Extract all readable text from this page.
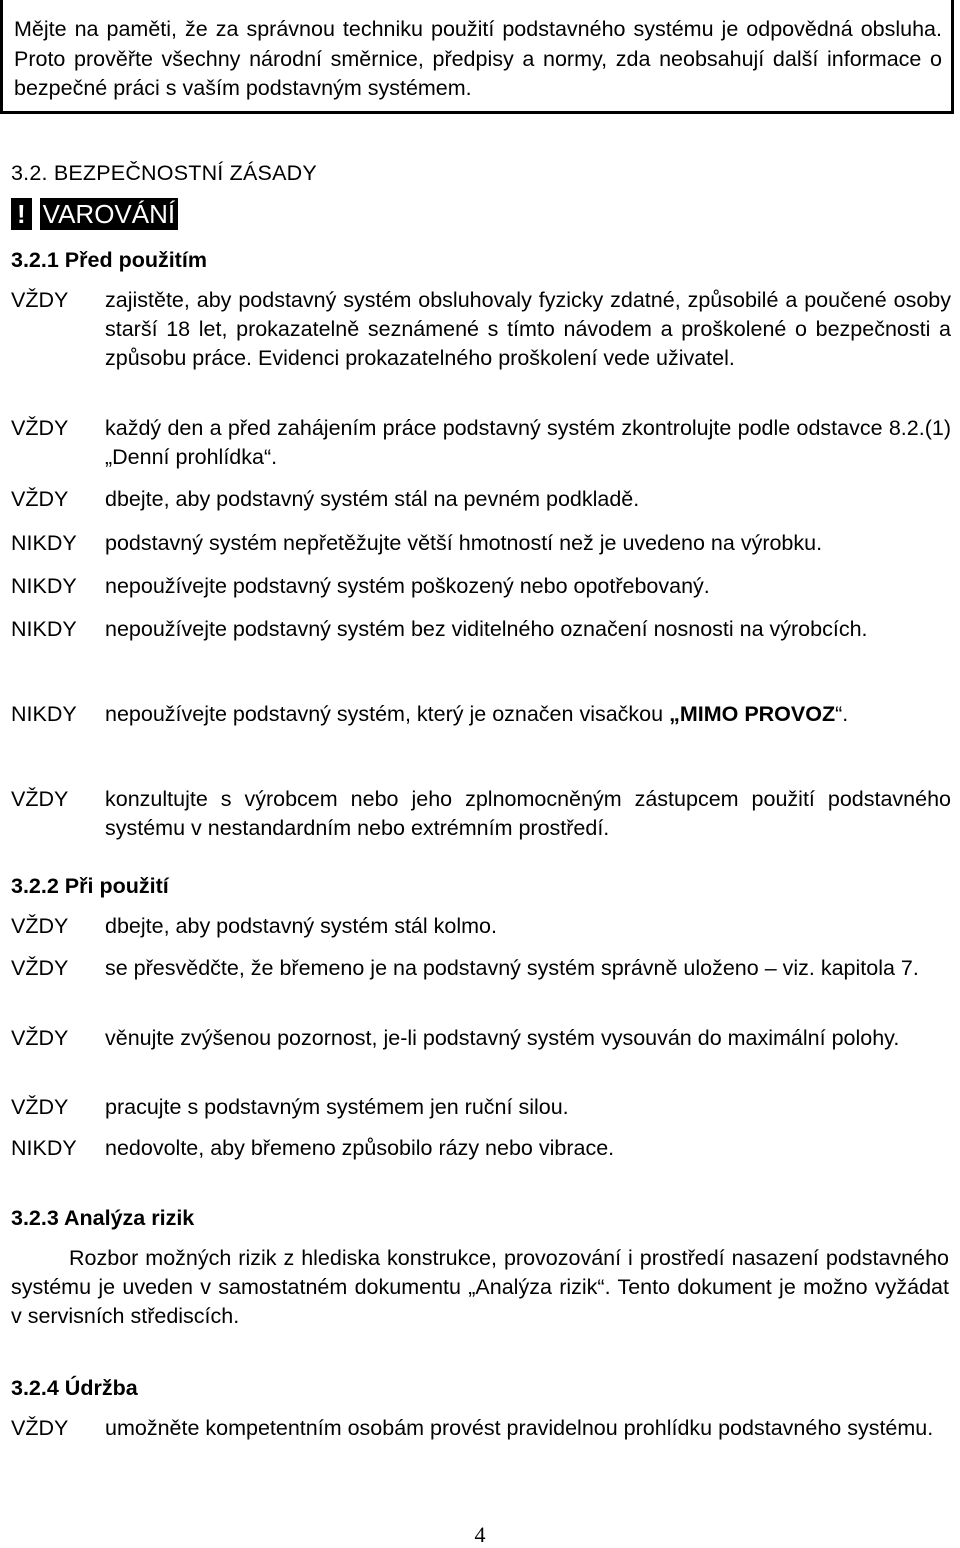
Mějte na paměti, že za správnou techniku použití podstavného systému je odpovědná obsluha. Proto prověřte všechny národní směrnice, předpisy a normy, zda neobsahují další informace o bezpečné práci s vaším podstavným systémem.
3.2. BEZPEČNOSTNÍ ZÁSADY
! VAROVÁNÍ
3.2.1 Před použitím
VŽDY zajistěte, aby podstavný systém obsluhovaly fyzicky zdatné, způsobilé a poučené osoby starší 18 let, prokazatelně seznámené s tímto návodem a proškolené o bezpečnosti a způsobu práce. Evidenci prokazatelného proškolení vede uživatel.
VŽDY každý den a před zahájením práce podstavný systém zkontrolujte podle odstavce 8.2.(1) „Denní prohlídka“.
VŽDY dbejte, aby podstavný systém stál na pevném podkladě.
NIKDY podstavný systém nepřetěžujte větší hmotností než je uvedeno na výrobku.
NIKDY nepoužívejte podstavný systém poškozený nebo opotřebovaný.
NIKDY nepoužívejte podstavný systém bez viditelného označení nosnosti na výrobcích.
NIKDY nepoužívejte podstavný systém, který je označen visačkou „MIMO PROVOZ“.
VŽDY konzultujte s výrobcem nebo jeho zplnomocněným zástupcem použití podstavného systému v nestandardním nebo extrémním prostředí.
3.2.2 Při použití
VŽDY dbejte, aby podstavný systém stál kolmo.
VŽDY se přesvědčte, že břemeno je na podstavný systém správně uloženo – viz. kapitola 7.
VŽDY věnujte zvýšenou pozornost, je-li podstavný systém vysouván do maximální polohy.
VŽDY pracujte s podstavným systémem jen ruční silou.
NIKDY nedovolte, aby břemeno způsobilo rázy nebo vibrace.
3.2.3 Analýza rizik
Rozbor možných rizik z hlediska konstrukce, provozování i prostředí nasazení podstavného systému je uveden v samostatném dokumentu „Analýza rizik“. Tento dokument je možno vyžádat v servisních střediscích.
3.2.4 Údržba
VŽDY umožněte kompetentním osobám provést pravidelnou prohlídku podstavného systému.
4
